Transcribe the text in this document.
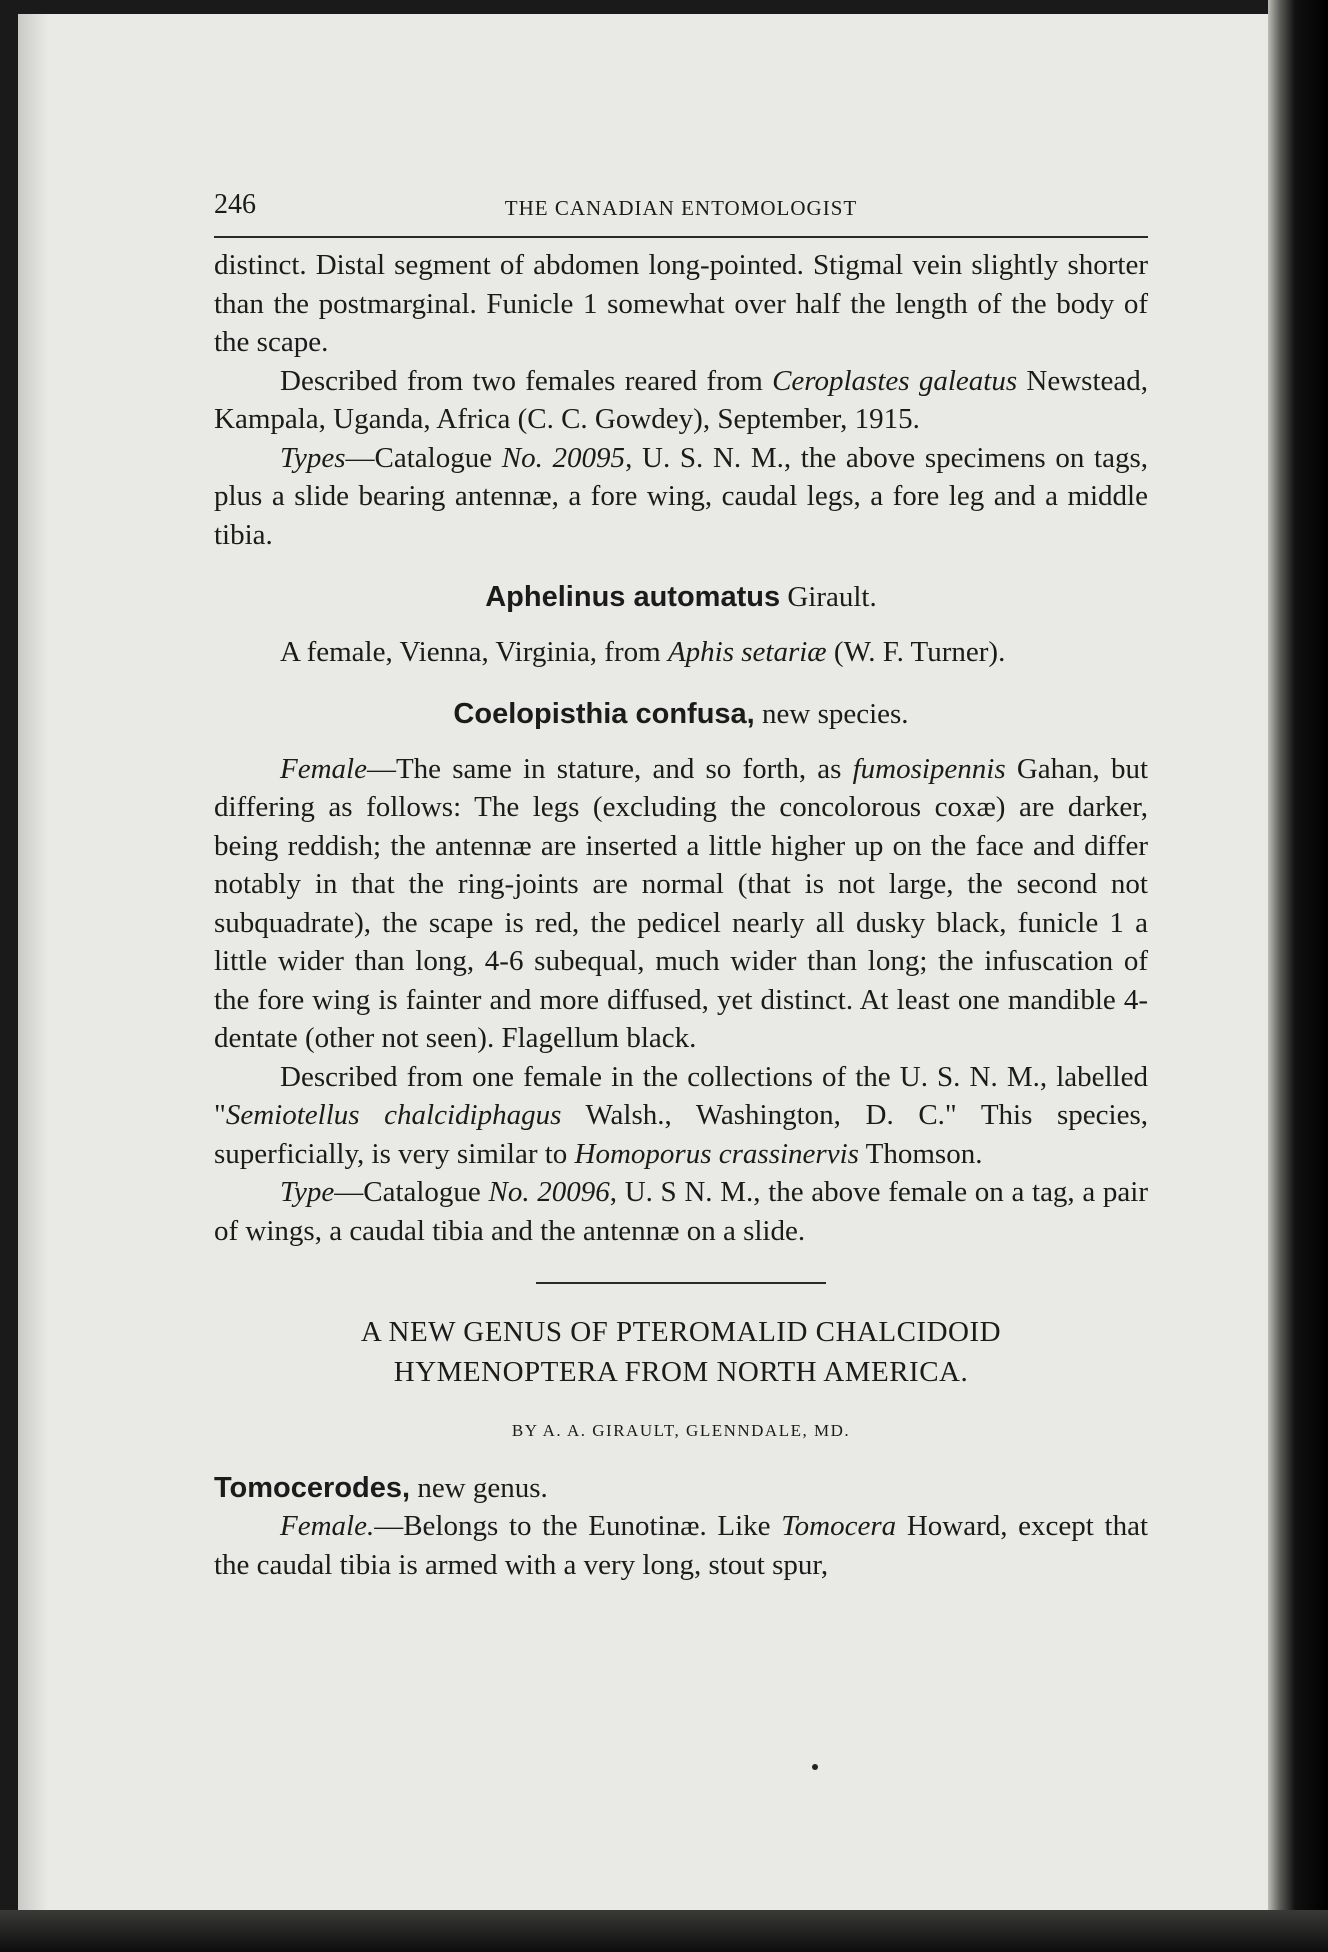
246	THE CANADIAN ENTOMOLOGIST

distinct. Distal segment of abdomen long-pointed. Stigmal vein slightly shorter than the postmarginal. Funicle 1 somewhat over half the length of the body of the scape.

Described from two females reared from Ceroplastes galeatus Newstead, Kampala, Uganda, Africa (C. C. Gowdey), September, 1915.

Types—Catalogue No. 20095, U. S. N. M., the above specimens on tags, plus a slide bearing antennæ, a fore wing, caudal legs, a fore leg and a middle tibia.

Aphelinus automatus Girault.

A female, Vienna, Virginia, from Aphis setariæ (W. F. Turner).

Coelopisthia confusa, new species.

Female—The same in stature, and so forth, as fumosipennis Gahan, but differing as follows: The legs (excluding the concolorous coxæ) are darker, being reddish; the antennæ are inserted a little higher up on the face and differ notably in that the ring-joints are normal (that is not large, the second not subquadrate), the scape is red, the pedicel nearly all dusky black, funicle 1 a little wider than long, 4-6 subequal, much wider than long; the infuscation of the fore wing is fainter and more diffused, yet distinct. At least one mandible 4-dentate (other not seen). Flagellum black.

Described from one female in the collections of the U. S. N. M., labelled "Semiotellus chalcidiphagus Walsh., Washington, D. C." This species, superficially, is very similar to Homoporus crassinervis Thomson.

Type—Catalogue No. 20096, U. S N. M., the above female on a tag, a pair of wings, a caudal tibia and the antennæ on a slide.

A NEW GENUS OF PTEROMALID CHALCIDOID
HYMENOPTERA FROM NORTH AMERICA.
BY A. A. GIRAULT, GLENNDALE, MD.

Tomocerodes, new genus.

Female.—Belongs to the Eunotinæ. Like Tomocera Howard, except that the caudal tibia is armed with a very long, stout spur,
